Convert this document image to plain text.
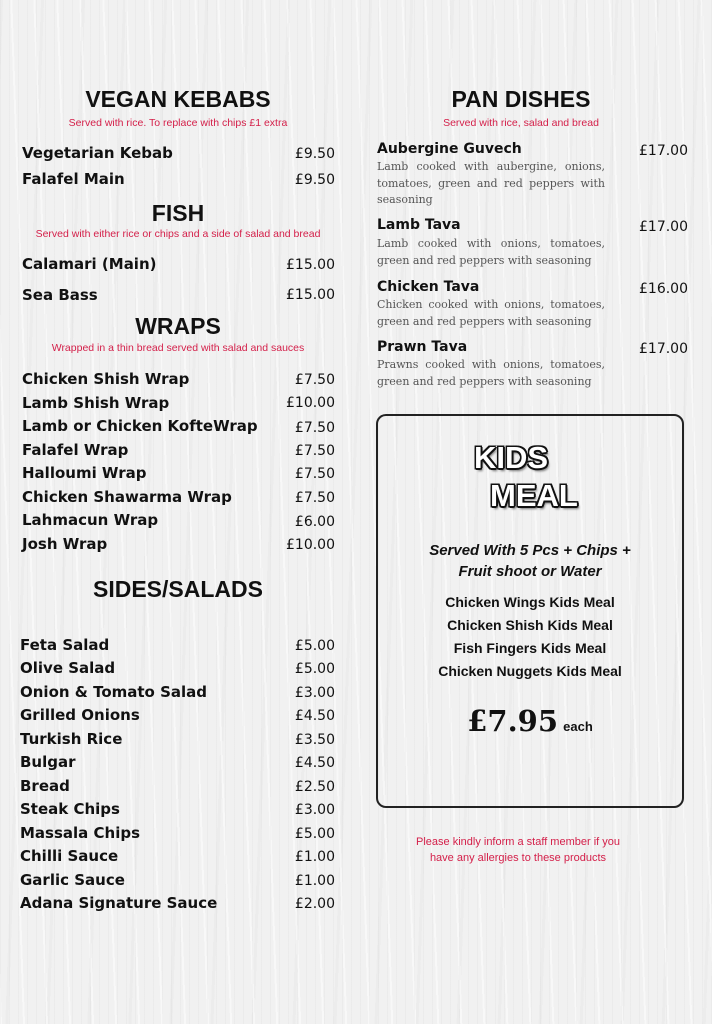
VEGAN KEBABS
Served with rice. To replace with chips £1 extra
Vegetarian Kebab	£9.50
Falafel Main	£9.50
FISH
Served with either rice or chips and a side of salad and bread
Calamari (Main)	£15.00
Sea Bass	£15.00
WRAPS
Wrapped in a thin bread served with salad and sauces
Chicken Shish Wrap	£7.50
Lamb Shish Wrap	£10.00
Lamb or Chicken KofteWrap	£7.50
Falafel Wrap	£7.50
Halloumi Wrap	£7.50
Chicken Shawarma Wrap	£7.50
Lahmacun Wrap	£6.00
Josh Wrap	£10.00
SIDES/SALADS
Feta Salad	£5.00
Olive Salad	£5.00
Onion & Tomato Salad	£3.00
Grilled Onions	£4.50
Turkish Rice	£3.50
Bulgar	£4.50
Bread	£2.50
Steak Chips	£3.00
Massala Chips	£5.00
Chilli Sauce	£1.00
Garlic Sauce	£1.00
Adana Signature Sauce	£2.00
PAN DISHES
Served with rice, salad and bread
Aubergine Guvech	£17.00
Lamb cooked with aubergine, onions, tomatoes, green and red peppers with seasoning
Lamb Tava	£17.00
Lamb cooked with onions, tomatoes, green and red peppers with seasoning
Chicken Tava	£16.00
Chicken cooked with onions, tomatoes, green and red peppers with seasoning
Prawn Tava	£17.00
Prawns cooked with onions, tomatoes, green and red peppers with seasoning
KIDS
MEAL
Served With 5 Pcs + Chips +
Fruit shoot or Water
Chicken Wings Kids Meal
Chicken Shish Kids Meal
Fish Fingers Kids Meal
Chicken Nuggets Kids Meal
£7.95 each
Please kindly inform a staff member if you
have any allergies to these products
